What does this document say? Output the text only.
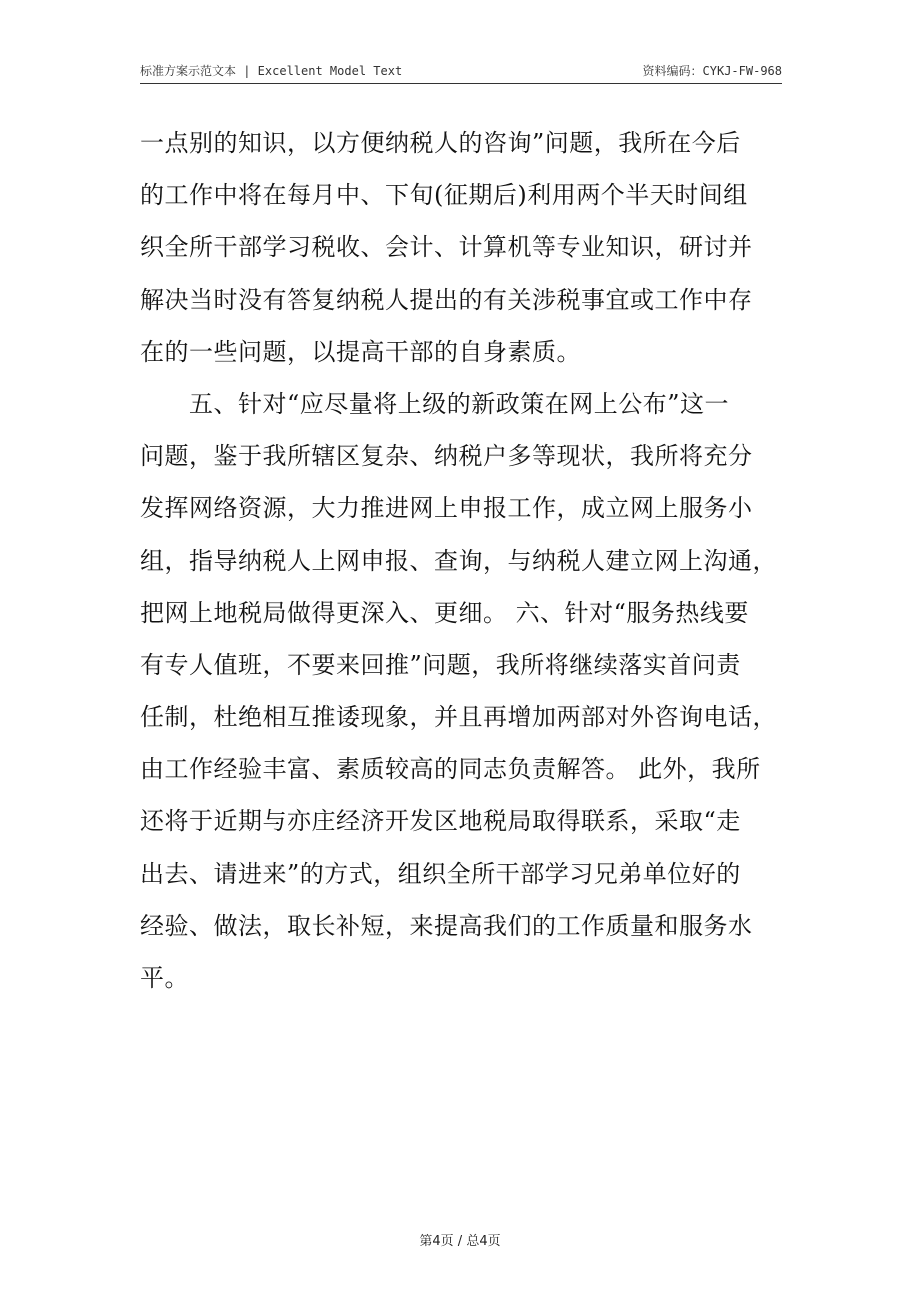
标准方案示范文本 | Excellent Model Text	资料编码：CYKJ-FW-968
一点别的知识，以方便纳税人的咨询”问题，我所在今后
的工作中将在每月中、下旬(征期后)利用两个半天时间组
织全所干部学习税收、会计、计算机等专业知识，研讨并
解决当时没有答复纳税人提出的有关涉税事宜或工作中存
在的一些问题，以提高干部的自身素质。
　　五、针对“应尽量将上级的新政策在网上公布”这一
问题，鉴于我所辖区复杂、纳税户多等现状，我所将充分
发挥网络资源，大力推进网上申报工作，成立网上服务小
组，指导纳税人上网申报、查询，与纳税人建立网上沟通，
把网上地税局做得更深入、更细。 六、针对“服务热线要
有专人值班，不要来回推”问题，我所将继续落实首问责
任制，杜绝相互推诿现象，并且再增加两部对外咨询电话，
由工作经验丰富、素质较高的同志负责解答。 此外，我所
还将于近期与亦庄经济开发区地税局取得联系，采取“走
出去、请进来”的方式，组织全所干部学习兄弟单位好的
经验、做法，取长补短，来提高我们的工作质量和服务水
平。
第4页 / 总4页
